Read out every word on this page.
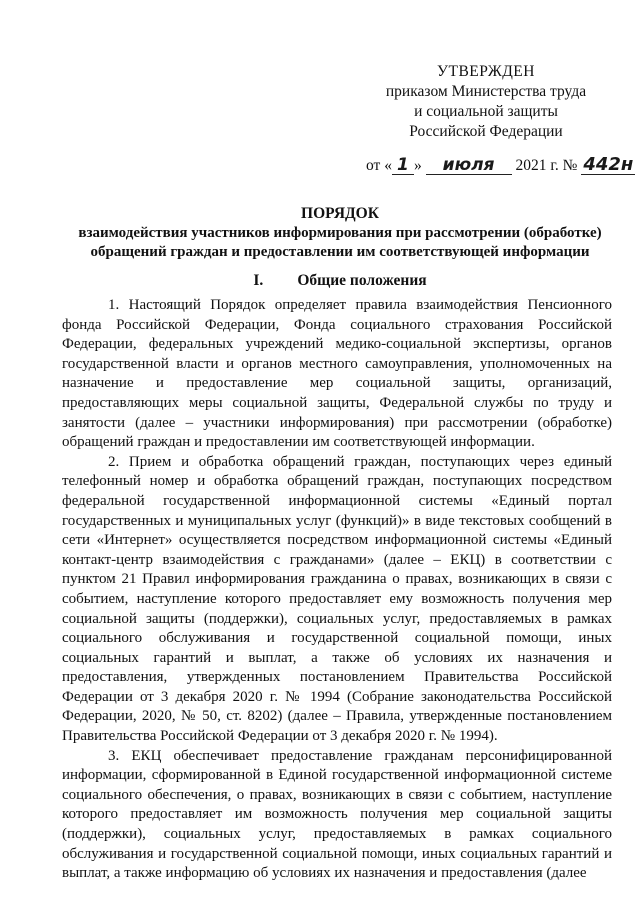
УТВЕРЖДЕН
приказом Министерства труда
и социальной защиты
Российской Федерации
от « 1 » июля 2021 г. № 442н
ПОРЯДОК
взаимодействия участников информирования при рассмотрении (обработке)
обращений граждан и предоставлении им соответствующей информации
I. Общие положения

1. Настоящий Порядок определяет правила взаимодействия Пенсионного фонда Российской Федерации, Фонда социального страхования Российской Федерации, федеральных учреждений медико-социальной экспертизы, органов государственной власти и органов местного самоуправления, уполномоченных на назначение и предоставление мер социальной защиты, организаций, предоставляющих меры социальной защиты, Федеральной службы по труду и занятости (далее – участники информирования) при рассмотрении (обработке) обращений граждан и предоставлении им соответствующей информации.

2. Прием и обработка обращений граждан, поступающих через единый телефонный номер и обработка обращений граждан, поступающих посредством федеральной государственной информационной системы «Единый портал государственных и муниципальных услуг (функций)» в виде текстовых сообщений в сети «Интернет» осуществляется посредством информационной системы «Единый контакт-центр взаимодействия с гражданами» (далее – ЕКЦ) в соответствии с пунктом 21 Правил информирования гражданина о правах, возникающих в связи с событием, наступление которого предоставляет ему возможность получения мер социальной защиты (поддержки), социальных услуг, предоставляемых в рамках социального обслуживания и государственной социальной помощи, иных социальных гарантий и выплат, а также об условиях их назначения и предоставления, утвержденных постановлением Правительства Российской Федерации от 3 декабря 2020 г. № 1994 (Собрание законодательства Российской Федерации, 2020, № 50, ст. 8202) (далее – Правила, утвержденные постановлением Правительства Российской Федерации от 3 декабря 2020 г. № 1994).

3. ЕКЦ обеспечивает предоставление гражданам персонифицированной информации, сформированной в Единой государственной информационной системе социального обеспечения, о правах, возникающих в связи с событием, наступление которого предоставляет им возможность получения мер социальной защиты (поддержки), социальных услуг, предоставляемых в рамках социального обслуживания и государственной социальной помощи, иных социальных гарантий и выплат, а также информацию об условиях их назначения и предоставления (далее
